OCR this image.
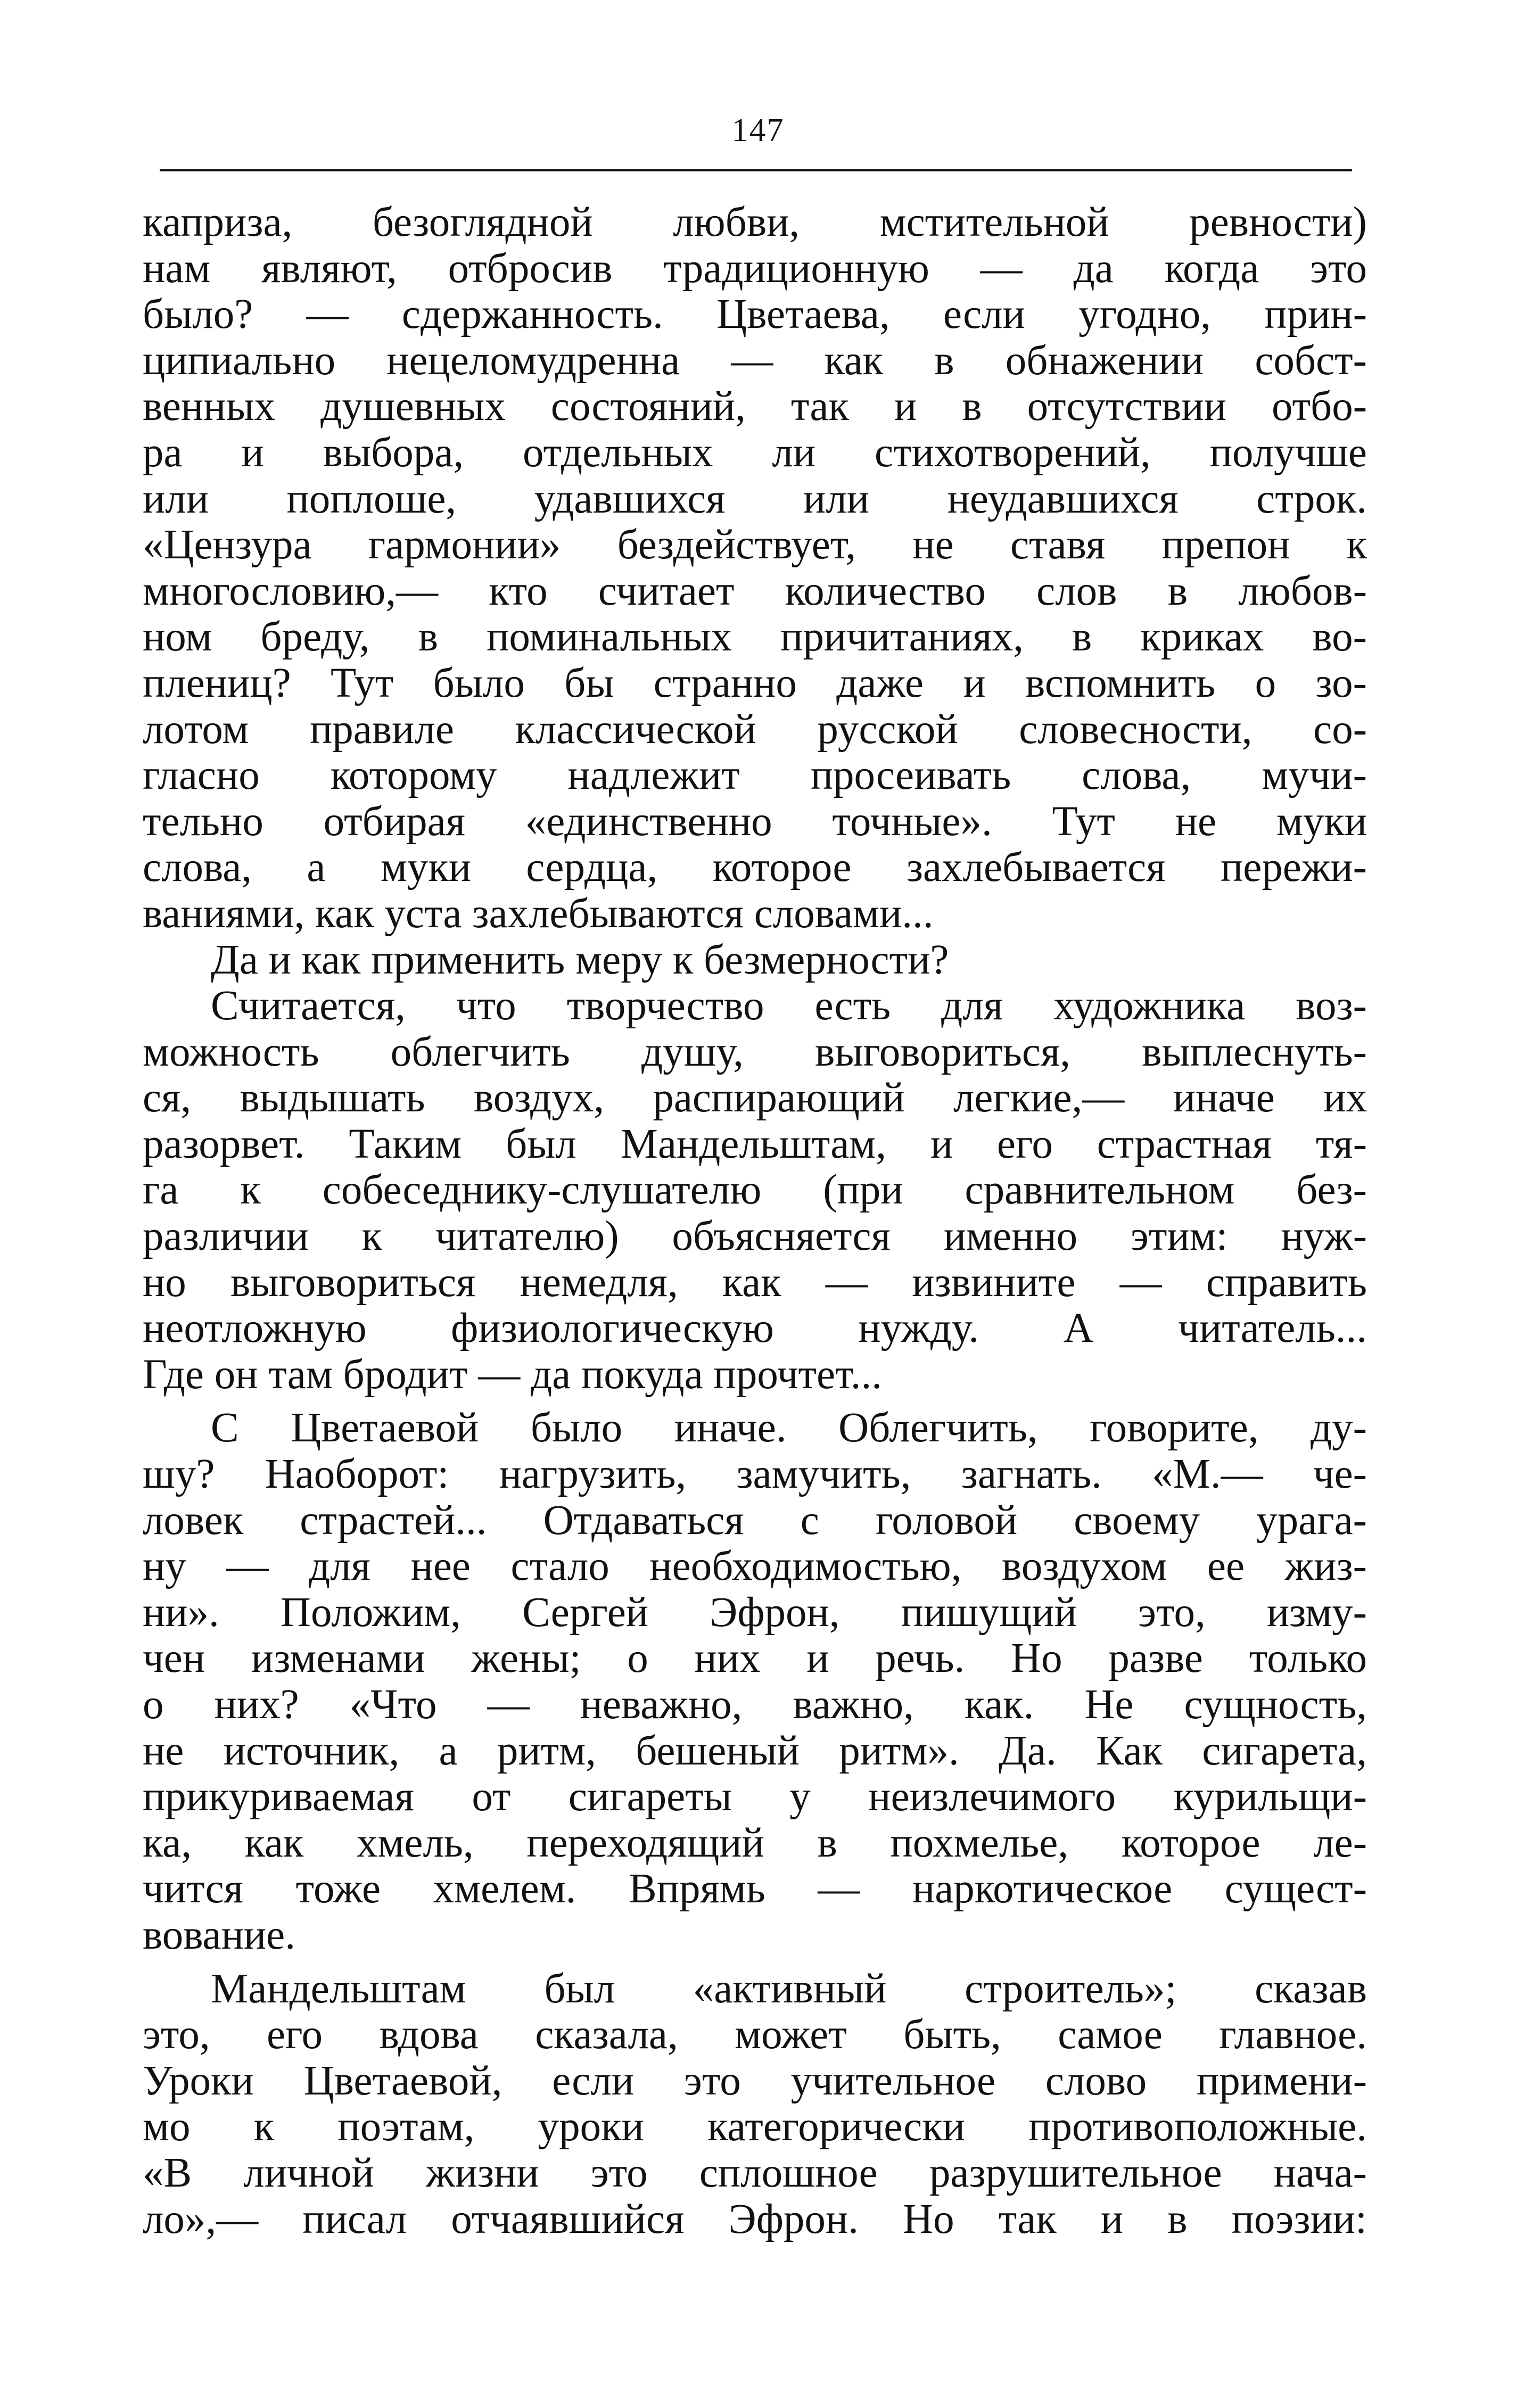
147
каприза, безоглядной любви, мстительной ревности)
нам являют, отбросив традиционную — да когда это
было? — сдержанность. Цветаева, если угодно, прин-
ципиально нецеломудренна — как в обнажении собст-
венных душевных состояний, так и в отсутствии отбо-
ра и выбора, отдельных ли стихотворений, получше
или поплоше, удавшихся или неудавшихся строк.
«Цензура гармонии» бездействует, не ставя препон к
многословию,— кто считает количество слов в любов-
ном бреду, в поминальных причитаниях, в криках во-
плениц? Тут было бы странно даже и вспомнить о зо-
лотом правиле классической русской словесности, со-
гласно которому надлежит просеивать слова, мучи-
тельно отбирая «единственно точные». Тут не муки
слова, а муки сердца, которое захлебывается пережи-
ваниями, как уста захлебываются словами...
Да и как применить меру к безмерности?
Считается, что творчество есть для художника воз-
можность облегчить душу, выговориться, выплеснуть-
ся, выдышать воздух, распирающий легкие,— иначе их
разорвет. Таким был Мандельштам, и его страстная тя-
га к собеседнику-слушателю (при сравнительном без-
различии к читателю) объясняется именно этим: нуж-
но выговориться немедля, как — извините — справить
неотложную физиологическую нужду. А читатель...
Где он там бродит — да покуда прочтет...
С Цветаевой было иначе. Облегчить, говорите, ду-
шу? Наоборот: нагрузить, замучить, загнать. «М.— че-
ловек страстей... Отдаваться с головой своему урага-
ну — для нее стало необходимостью, воздухом ее жиз-
ни». Положим, Сергей Эфрон, пишущий это, изму-
чен изменами жены; о них и речь. Но разве только
о них? «Что — неважно, важно, как. Не сущность,
не источник, а ритм, бешеный ритм». Да. Как сигарета,
прикуриваемая от сигареты у неизлечимого курильщи-
ка, как хмель, переходящий в похмелье, которое ле-
чится тоже хмелем. Впрямь — наркотическое сущест-
вование.
Мандельштам был «активный строитель»; сказав
это, его вдова сказала, может быть, самое главное.
Уроки Цветаевой, если это учительное слово примени-
мо к поэтам, уроки категорически противоположные.
«В личной жизни это сплошное разрушительное нача-
ло»,— писал отчаявшийся Эфрон. Но так и в поэзии:
